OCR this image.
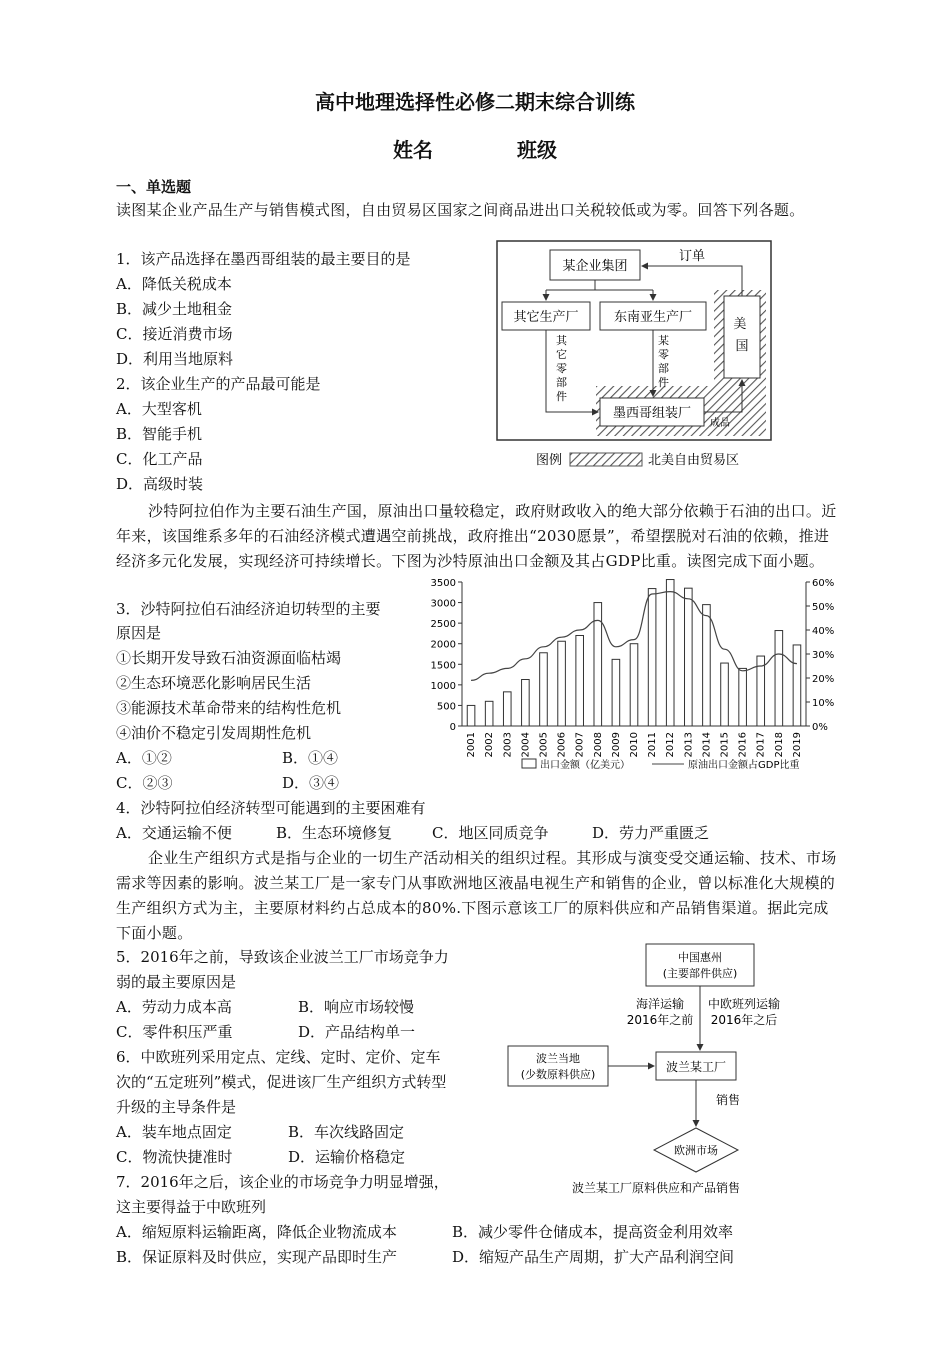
高中地理选择性必修二期末综合训练
姓名	班级
一、单选题
读图某企业产品生产与销售模式图，自由贸易区国家之间商品进出口关税较低或为零。回答下列各题。
1．该产品选择在墨西哥组装的最主要目的是
A．降低关税成本
B．减少土地租金
C．接近消费市场
D．利用当地原料
2．该企业生产的产品最可能是
A．大型客机
B．智能手机
C．化工产品
D．高级时装
某企业集团
其它生产厂	东南亚生产厂	美 国
墨西哥组装厂
订单
其
它
零
部
件
某
零
部
件
成品
图例	北美自由贸易区
沙特阿拉伯作为主要石油生产国，原油出口量较稳定，政府财政收入的绝大部分依赖于石油的出口。近年来，该国维系多年的石油经济模式遭遇空前挑战，政府推出“2030愿景”，希望摆脱对石油的依赖，推进经济多元化发展，实现经济可持续增长。下图为沙特原油出口金额及其占GDP比重。读图完成下面小题。
3．沙特阿拉伯石油经济迫切转型的主要
原因是
①长期开发导致石油资源面临枯竭
②生态环境恶化影响居民生活
③能源技术革命带来的结构性危机
④油价不稳定引发周期性危机
A．①②	B．①④
C．②③	D．③④
0
500
1000
1500
2000
2500
3000
3500
0%
10%
20%
30%
40%
50%
60%
2001 2002 2003 2004 2005 2006 2007 2008 2009 2010 2011 2012 2013 2014 2015 2016 2017 2018 2019
出口金额（亿美元）	原油出口金额占GDP比重
4．沙特阿拉伯经济转型可能遇到的主要困难有
A．交通运输不便	B．生态环境修复	C．地区同质竞争	D．劳力严重匮乏
企业生产组织方式是指与企业的一切生产活动相关的组织过程。其形成与演变受交通运输、技术、市场需求等因素的影响。波兰某工厂是一家专门从事欧洲地区液晶电视生产和销售的企业，曾以标准化大规模的生产组织方式为主，主要原材料约占总成本的80%.下图示意该工厂的原料供应和产品销售渠道。据此完成下面小题。
5．2016年之前，导致该企业波兰工厂市场竞争力
弱的最主要原因是
A．劳动力成本高	B．响应市场较慢
C．零件积压严重	D．产品结构单一
6．中欧班列采用定点、定线、定时、定价、定车
次的“五定班列”模式，促进该厂生产组织方式转型
升级的主导条件是
A．装车地点固定	B．车次线路固定
C．物流快捷准时	D．运输价格稳定
7．2016年之后，该企业的市场竞争力明显增强，
这主要得益于中欧班列
A．缩短原料运输距离，降低企业物流成本	B．减少零件仓储成本，提高资金利用效率
B．保证原料及时供应，实现产品即时生产	D．缩短产品生产周期，扩大产品利润空间
中国惠州
(主要部件供应)
海洋运输
2016年之前
中欧班列运输
2016年之后
波兰当地
(少数原料供应)
波兰某工厂
销售
欧洲市场
波兰某工厂原料供应和产品销售
